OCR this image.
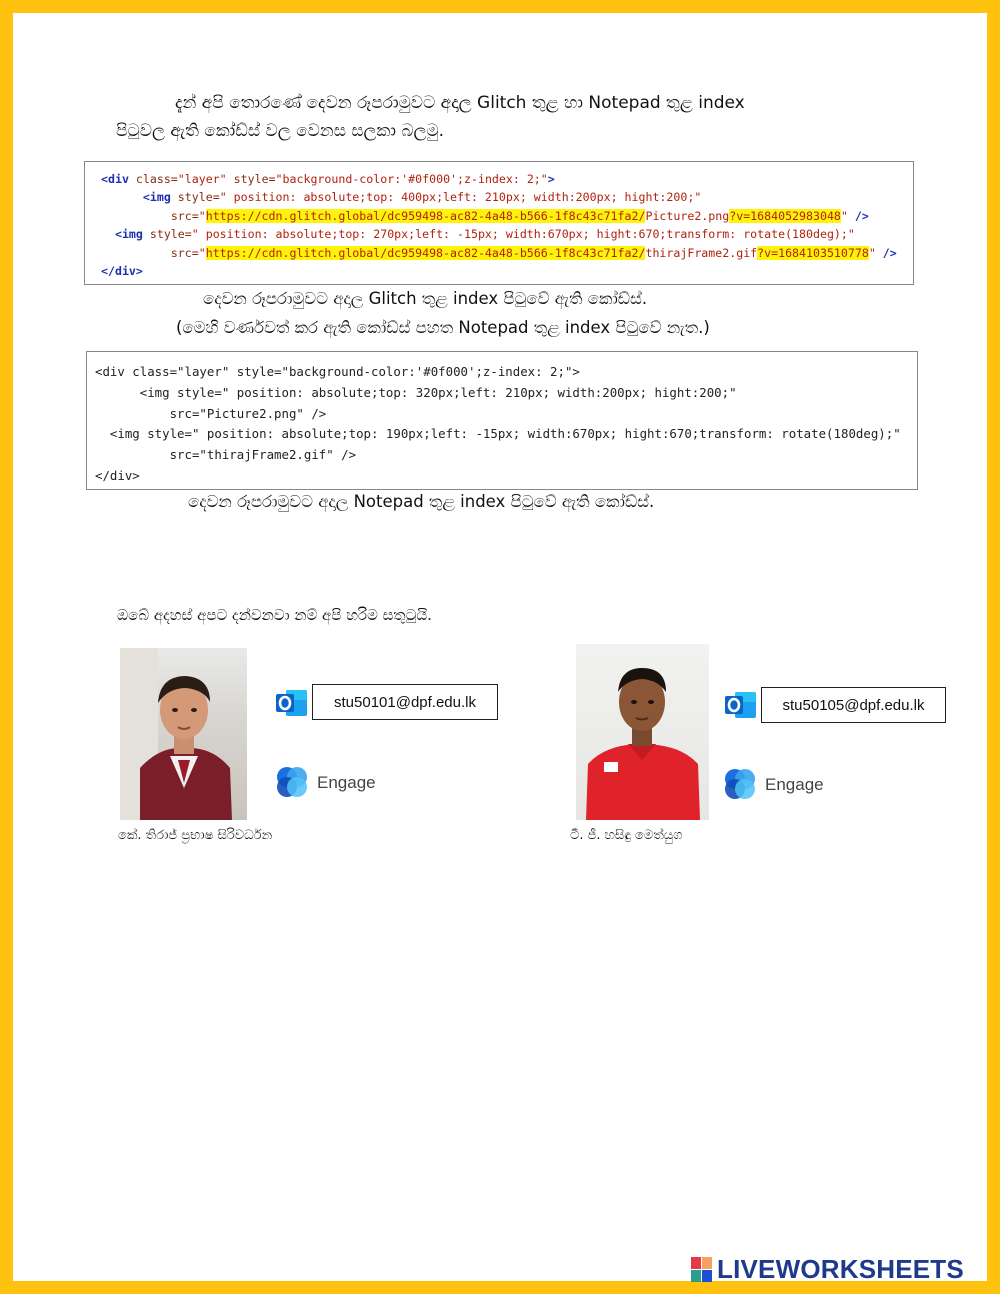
දැන් අපි තොරණේ දෙවන රූපරාමුවට අදාල Glitch තුළ හා Notepad තුළ index
පිටුවල ඇති කෝඩ්ස් වල වෙනස සලකා බලමු.
<div class="layer" style="background-color:'#0f000';z-index: 2;">
<img style=" position: absolute;top: 400px;left: 210px; width:200px; hight:200;"
src="https://cdn.glitch.global/dc959498-ac82-4a48-b566-1f8c43c71fa2/Picture2.png?v=1684052983048" />
<img style=" position: absolute;top: 270px;left: -15px; width:670px; hight:670;transform: rotate(180deg);"
src="https://cdn.glitch.global/dc959498-ac82-4a48-b566-1f8c43c71fa2/thirajFrame2.gif?v=1684103510778" />
</div>
දෙවන රූපරාමුවට අදාල Glitch තුළ index පිටුවේ ඇති කෝඩ්ස්.
(මෙහි වර්ණවත් කර ඇති කෝඩ්ස් පහත Notepad තුළ index පිටුවේ නැත.)
<div class="layer" style="background-color:'#0f000';z-index: 2;">
<img style=" position: absolute;top: 320px;left: 210px; width:200px; hight:200;"
src="Picture2.png" />
<img style=" position: absolute;top: 190px;left: -15px; width:670px; hight:670;transform: rotate(180deg);"
src="thirajFrame2.gif" />
</div>
දෙවන රූපරාමුවට අදාල Notepad තුළ index පිටුවේ ඇති කෝඩ්ස්.
ඔබේ අදහස් අපට දන්වනවා නම් අපි හරිම සතුටුයි.
stu50101@dpf.edu.lk
Engage
කේ. තිරාජ් ප්‍රභාෂ සිරිවර්ධන
stu50105@dpf.edu.lk
Engage
ටී. ජී. හසිඳු මෙත්යුග
LIVEWORKSHEETS
